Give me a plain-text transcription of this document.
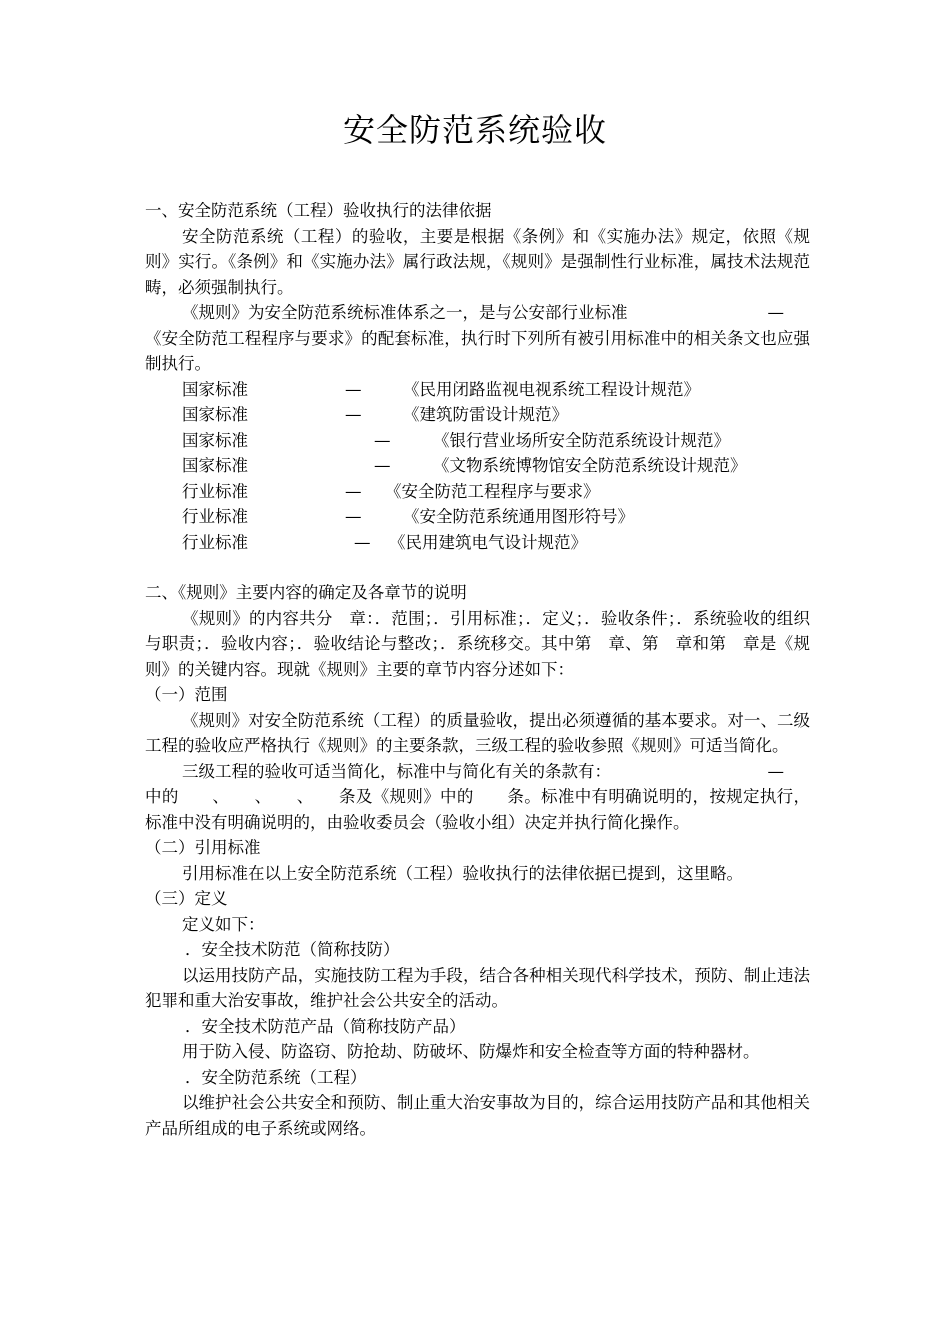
安全防范系统验收

一、安全防范系统（工程）验收执行的法律依据

安全防范系统（工程）的验收，主要是根据《条例》和《实施办法》规定，依照《规则》实行。《条例》和《实施办法》属行政法规，《规则》是强制性行业标准，属技术法规范畴，必须强制执行。

《规则》为安全防范系统标准体系之一，是与公安部行业标准	—

《安全防范工程程序与要求》的配套标准，执行时下列所有被引用标准中的相关条文也应强制执行。

国家标准	—	《民用闭路监视电视系统工程设计规范》
国家标准	—	《建筑防雷设计规范》
国家标准	—	《银行营业场所安全防范系统设计规范》
国家标准	—	《文物系统博物馆安全防范系统设计规范》
行业标准	— 《安全防范工程程序与要求》
行业标准	—	《安全防范系统通用图形符号》
行业标准	— 《民用建筑电气设计规范》

二、《规则》主要内容的确定及各章节的说明

《规则》的内容共分　章：．范围；．引用标准；．定义；．验收条件；．系统验收的组织与职责；．验收内容；．验收结论与整改；．系统移交。其中第　章、第　章和第　章是《规则》的关键内容。现就《规则》主要的章节内容分述如下：

（一）范围

《规则》对安全防范系统（工程）的质量验收，提出必须遵循的基本要求。对一、二级工程的验收应严格执行《规则》的主要条款，三级工程的验收参照《规则》可适当简化。

三级工程的验收可适当简化，标准中与简化有关的条款有：	—

中的　　、　　、　　、　　条及《规则》中的　　条。标准中有明确说明的，按规定执行，标准中没有明确说明的，由验收委员会（验收小组）决定并执行简化操作。

（二）引用标准

引用标准在以上安全防范系统（工程）验收执行的法律依据已提到，这里略。

（三）定义

定义如下：

．安全技术防范（简称技防）

以运用技防产品，实施技防工程为手段，结合各种相关现代科学技术，预防、制止违法犯罪和重大治安事故，维护社会公共安全的活动。

．安全技术防范产品（简称技防产品）

用于防入侵、防盗窃、防抢劫、防破坏、防爆炸和安全检查等方面的特种器材。

．安全防范系统（工程）

以维护社会公共安全和预防、制止重大治安事故为目的，综合运用技防产品和其他相关产品所组成的电子系统或网络。
